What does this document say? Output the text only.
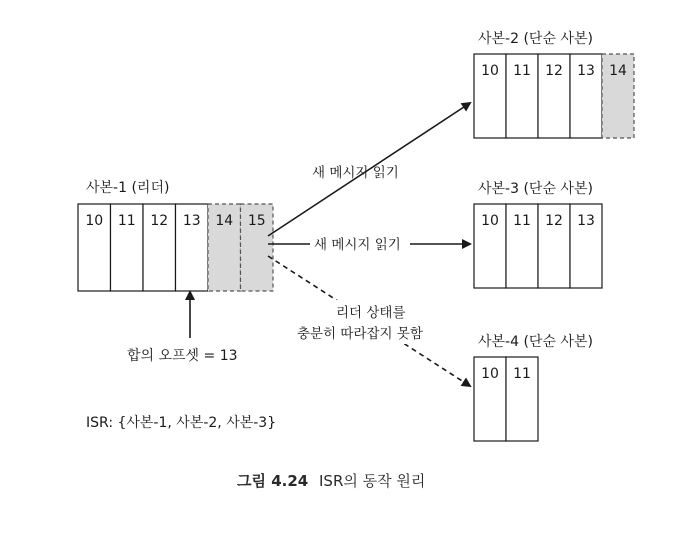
사본-1 (리더)
10 11 12 13 14 15
사본-2 (단순 사본)
10 11 12 13 14
사본-3 (단순 사본)
10 11 12 13
사본-4 (단순 사본)
10 11
새 메시지 읽기
새 메시지 읽기
리더 상태를
충분히 따라잡지 못함
합의 오프셋 = 13
ISR: {사본-1, 사본-2, 사본-3}
그림 4.24 ISR의 동작 원리
